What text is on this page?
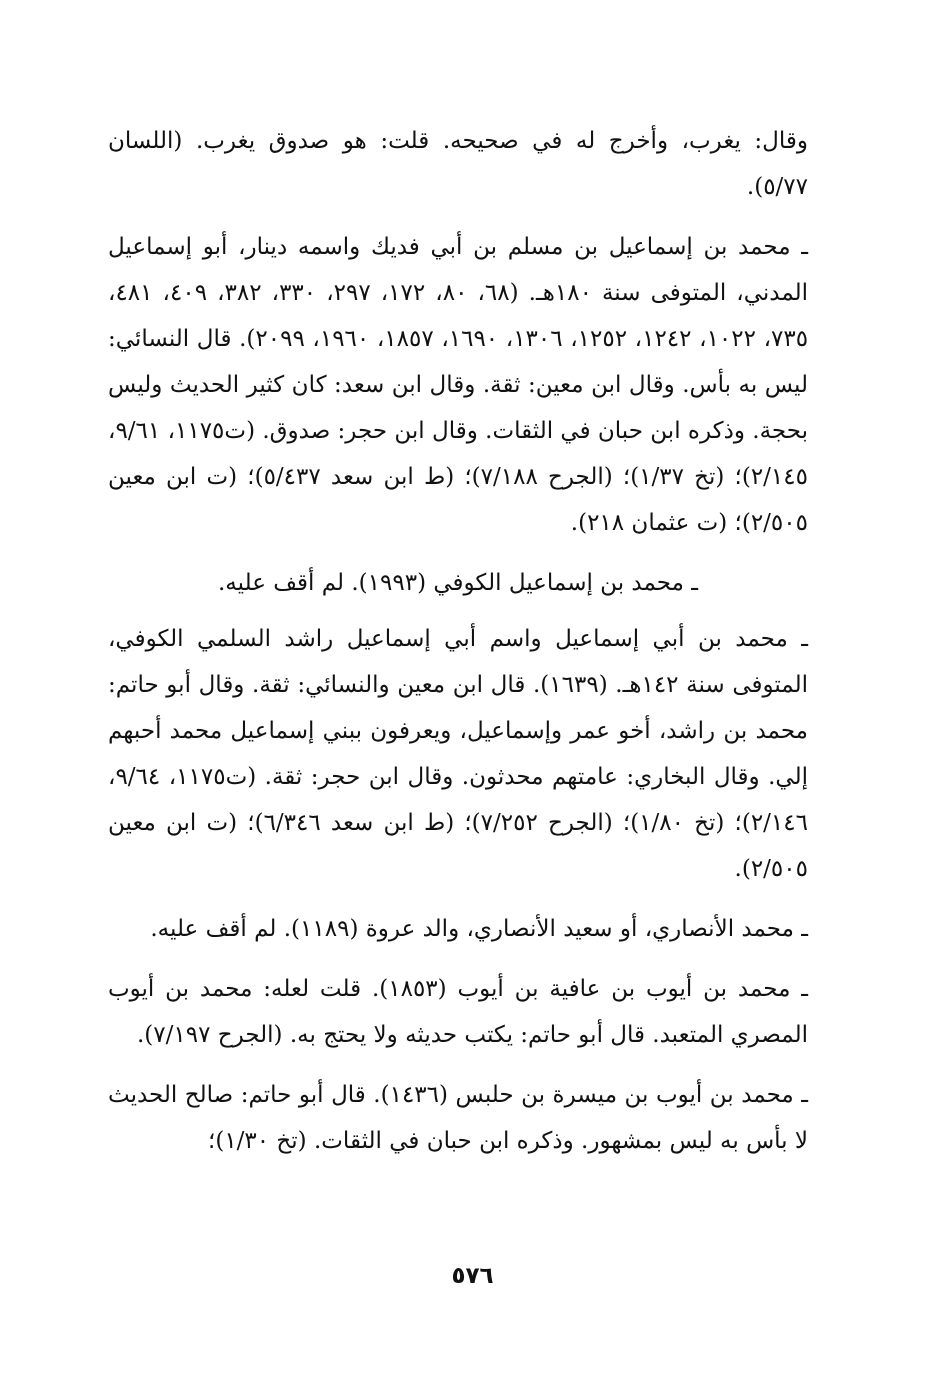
وقال: يغرب، وأخرج له في صحيحه. قلت: هو صدوق يغرب. (اللسان ٥/٧٧).

ـ محمد بن إسماعيل بن مسلم بن أبي فديك واسمه دينار، أبو إسماعيل المدني، المتوفى سنة ١٨٠هـ. (٦٨، ٨٠، ١٧٢، ٢٩٧، ٣٣٠، ٣٨٢، ٤٠٩، ٤٨١، ٧٣٥، ١٠٢٢، ١٢٤٢، ١٢٥٢، ١٣٠٦، ١٦٩٠، ١٨٥٧، ١٩٦٠، ٢٠٩٩). قال النسائي: ليس به بأس. وقال ابن معين: ثقة. وقال ابن سعد: كان كثير الحديث وليس بحجة. وذكره ابن حبان في الثقات. وقال ابن حجر: صدوق. (ت١١٧٥، ٩/٦١، ٢/١٤٥)؛ (تخ ١/٣٧)؛ (الجرح ٧/١٨٨)؛ (ط ابن سعد ٥/٤٣٧)؛ (ت ابن معين ٢/٥٠٥)؛ (ت عثمان ٢١٨).

ـ محمد بن إسماعيل الكوفي (١٩٩٣). لم أقف عليه.

ـ محمد بن أبي إسماعيل واسم أبي إسماعيل راشد السلمي الكوفي، المتوفى سنة ١٤٢هـ. (١٦٣٩). قال ابن معين والنسائي: ثقة. وقال أبو حاتم: محمد بن راشد، أخو عمر وإسماعيل، ويعرفون ببني إسماعيل محمد أحبهم إلي. وقال البخاري: عامتهم محدثون. وقال ابن حجر: ثقة. (ت١١٧٥، ٩/٦٤، ٢/١٤٦)؛ (تخ ١/٨٠)؛ (الجرح ٧/٢٥٢)؛ (ط ابن سعد ٦/٣٤٦)؛ (ت ابن معين ٢/٥٠٥).

ـ محمد الأنصاري، أو سعيد الأنصاري، والد عروة (١١٨٩). لم أقف عليه.

ـ محمد بن أيوب بن عافية بن أيوب (١٨٥٣). قلت لعله: محمد بن أيوب المصري المتعبد. قال أبو حاتم: يكتب حديثه ولا يحتج به. (الجرح ٧/١٩٧).

ـ محمد بن أيوب بن ميسرة بن حلبس (١٤٣٦). قال أبو حاتم: صالح الحديث لا بأس به ليس بمشهور. وذكره ابن حبان في الثقات. (تخ ١/٣٠)؛

٥٧٦
